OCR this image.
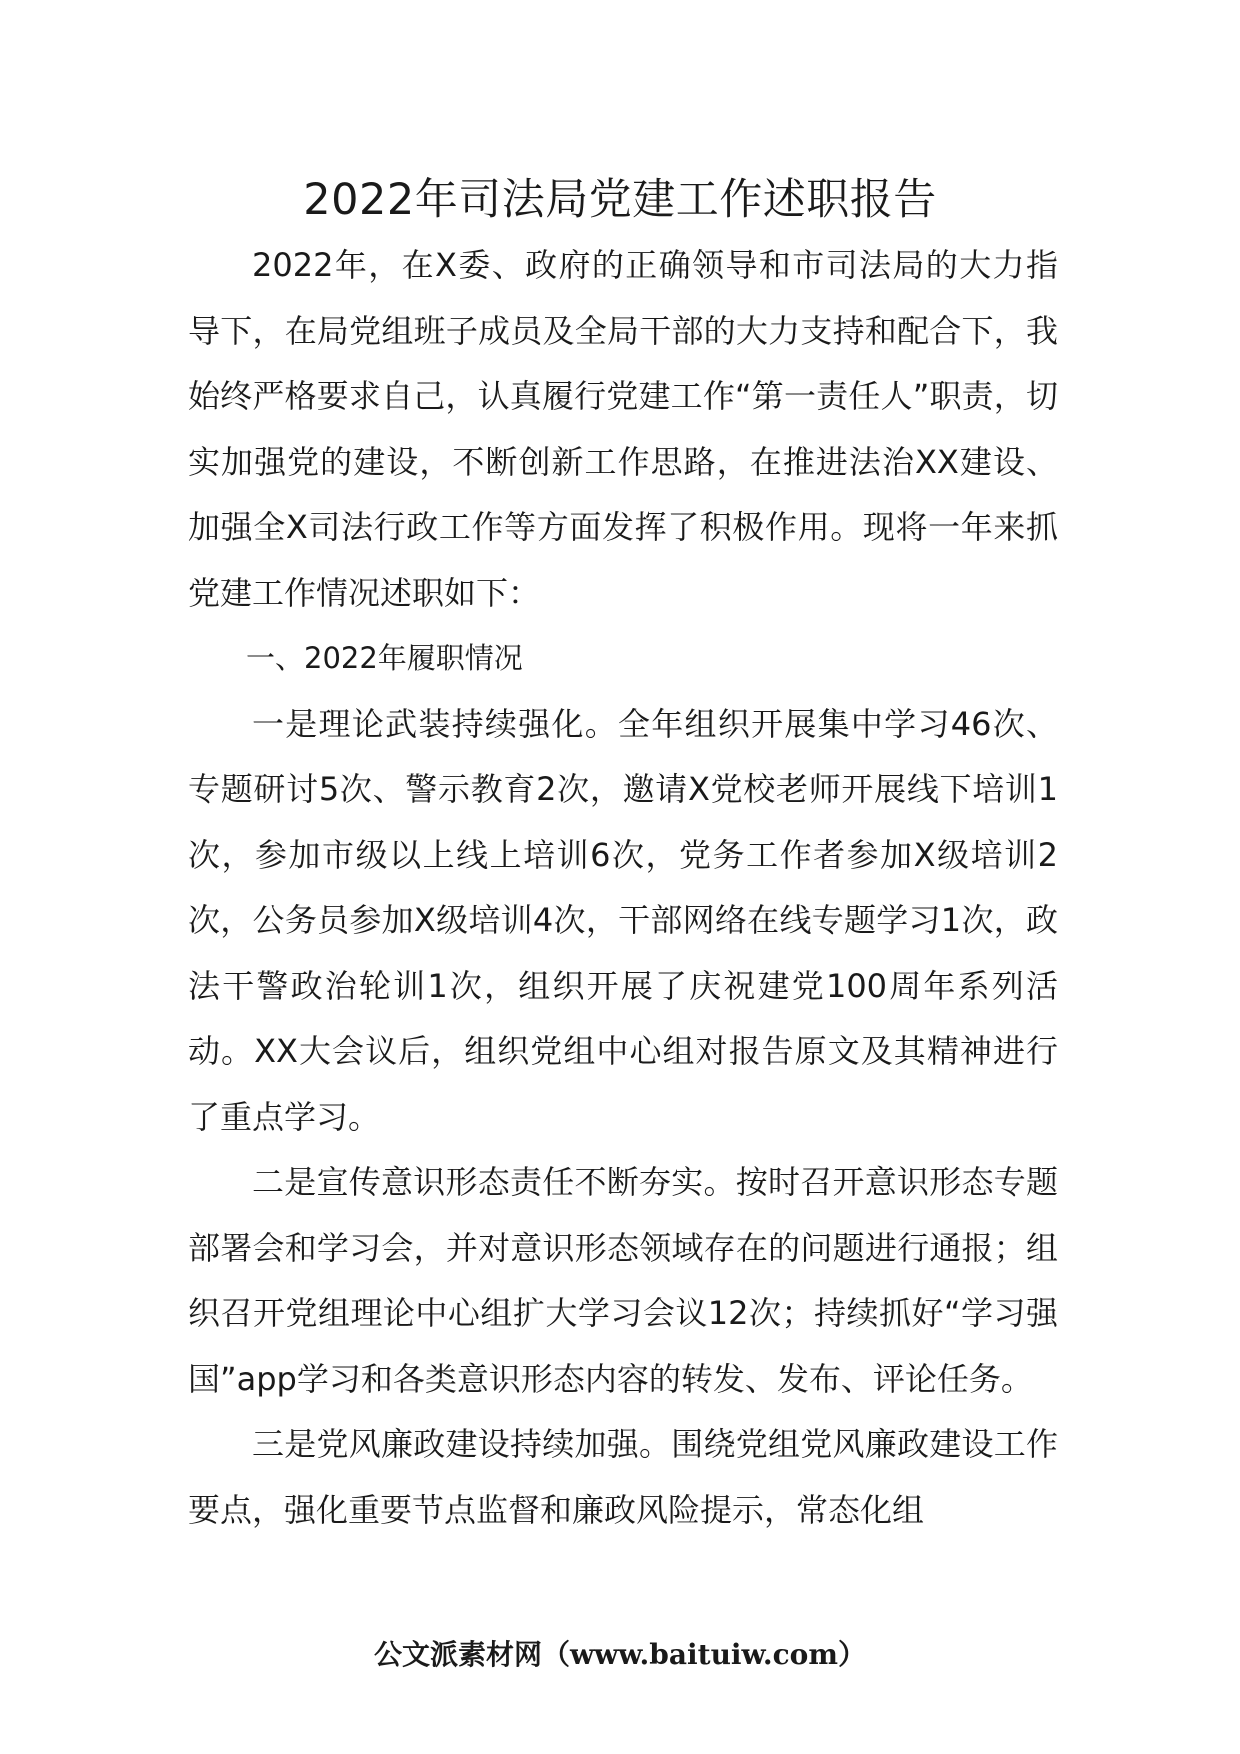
2022年司法局党建工作述职报告

2022年，在X委、政府的正确领导和市司法局的大力指导下，在局党组班子成员及全局干部的大力支持和配合下，我始终严格要求自己，认真履行党建工作“第一责任人”职责，切实加强党的建设，不断创新工作思路，在推进法治XX建设、加强全X司法行政工作等方面发挥了积极作用。现将一年来抓党建工作情况述职如下：

一、2022年履职情况

一是理论武装持续强化。全年组织开展集中学习46次、专题研讨5次、警示教育2次，邀请X党校老师开展线下培训1次，参加市级以上线上培训6次，党务工作者参加X级培训2次，公务员参加X级培训4次，干部网络在线专题学习1次，政法干警政治轮训1次，组织开展了庆祝建党100周年系列活动。XX大会议后，组织党组中心组对报告原文及其精神进行了重点学习。

二是宣传意识形态责任不断夯实。按时召开意识形态专题部署会和学习会，并对意识形态领域存在的问题进行通报；组织召开党组理论中心组扩大学习会议12次；持续抓好“学习强国”app学习和各类意识形态内容的转发、发布、评论任务。

三是党风廉政建设持续加强。围绕党组党风廉政建设工作要点，强化重要节点监督和廉政风险提示，常态化组

公文派素材网（www.baituiw.com）
